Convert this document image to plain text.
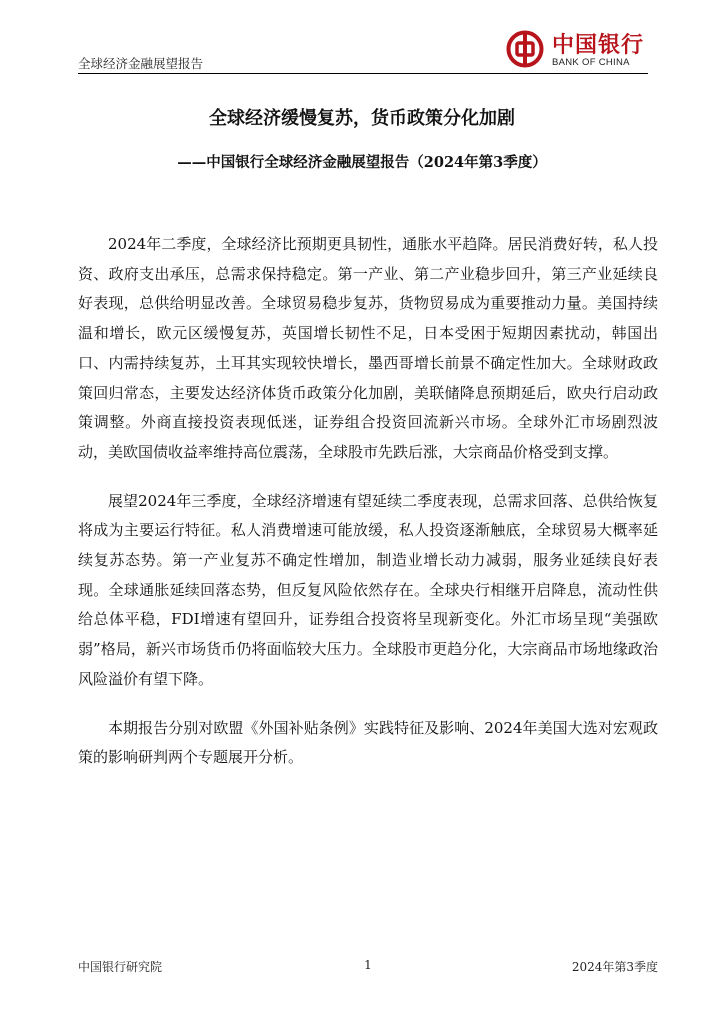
全球经济金融展望报告
中国银行
BANK OF CHINA
全球经济缓慢复苏，货币政策分化加剧
——中国银行全球经济金融展望报告（2024年第3季度）

2024年二季度，全球经济比预期更具韧性，通胀水平趋降。居民消费好转，私人投资、政府支出承压，总需求保持稳定。第一产业、第二产业稳步回升，第三产业延续良好表现，总供给明显改善。全球贸易稳步复苏，货物贸易成为重要推动力量。美国持续温和增长，欧元区缓慢复苏，英国增长韧性不足，日本受困于短期因素扰动，韩国出口、内需持续复苏，土耳其实现较快增长，墨西哥增长前景不确定性加大。全球财政政策回归常态，主要发达经济体货币政策分化加剧，美联储降息预期延后，欧央行启动政策调整。外商直接投资表现低迷，证券组合投资回流新兴市场。全球外汇市场剧烈波动，美欧国债收益率维持高位震荡，全球股市先跌后涨，大宗商品价格受到支撑。

展望2024年三季度，全球经济增速有望延续二季度表现，总需求回落、总供给恢复将成为主要运行特征。私人消费增速可能放缓，私人投资逐渐触底，全球贸易大概率延续复苏态势。第一产业复苏不确定性增加，制造业增长动力减弱，服务业延续良好表现。全球通胀延续回落态势，但反复风险依然存在。全球央行相继开启降息，流动性供给总体平稳，FDI增速有望回升，证券组合投资将呈现新变化。外汇市场呈现“美强欧弱”格局，新兴市场货币仍将面临较大压力。全球股市更趋分化，大宗商品市场地缘政治风险溢价有望下降。

本期报告分别对欧盟《外国补贴条例》实践特征及影响、2024年美国大选对宏观政策的影响研判两个专题展开分析。

中国银行研究院	1	2024年第3季度
